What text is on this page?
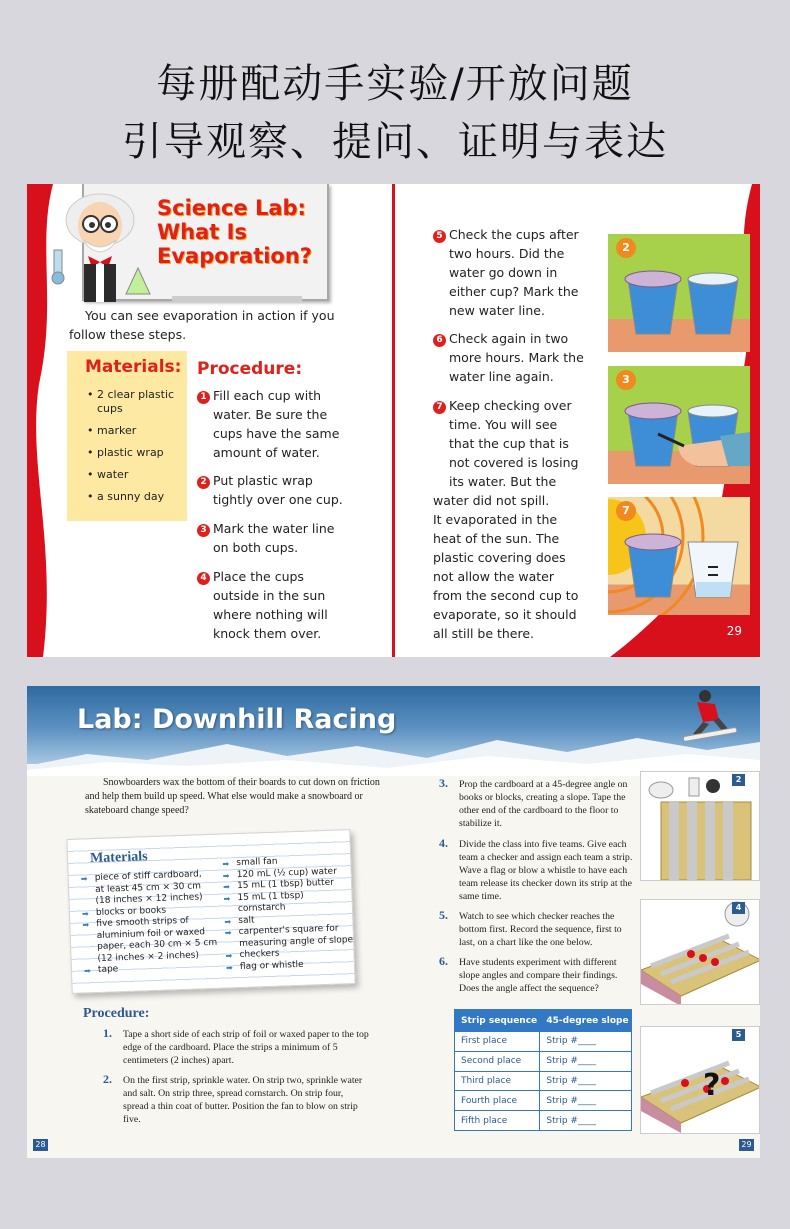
每册配动手实验/开放问题
引导观察、提问、证明与表达
Science Lab:
What Is
Evaporation?
You can see evaporation in action if you
follow these steps.
Materials:
• 2 clear plastic cups
• marker
• plastic wrap
• water
• a sunny day
Procedure:
1 Fill each cup with
water. Be sure the
cups have the same
amount of water.
2 Put plastic wrap
tightly over one cup.
3 Mark the water line
on both cups.
4 Place the cups
outside in the sun
where nothing will
knock them over.
5 Check the cups after
two hours. Did the
water go down in
either cup? Mark the
new water line.
6 Check again in two
more hours. Mark the
water line again.
7 Keep checking over
time. You will see
that the cup that is
not covered is losing
its water. But the
water did not spill.
It evaporated in the
heat of the sun. The
plastic covering does
not allow the water
from the second cup to
evaporate, so it should
all still be there.
2
3
7
28	29
Lab: Downhill Racing
Snowboarders wax the bottom of their boards to cut down on friction and help them build up speed. What else would make a snowboard or skateboard change speed?
Materials
➡ piece of stiff cardboard,
at least 45 cm × 30 cm
(18 inches × 12 inches)
➡ blocks or books
➡ five smooth strips of
aluminium foil or waxed
paper, each 30 cm × 5 cm
(12 inches × 2 inches)
➡ tape
➡ small fan
➡ 120 mL (½ cup) water
➡ 15 mL (1 tbsp) butter
➡ 15 mL (1 tbsp) cornstarch
➡ salt
➡ carpenter's square for
measuring angle of slope
➡ checkers
➡ flag or whistle
Procedure:
1. Tape a short side of each strip of foil or waxed paper to the top edge of the cardboard. Place the strips a minimum of 5 centimeters (2 inches) apart.
2. On the first strip, sprinkle water. On strip two, sprinkle water and salt. On strip three, spread cornstarch. On strip four, spread a thin coat of butter. Position the fan to blow on strip five.
3. Prop the cardboard at a 45-degree angle on books or blocks, creating a slope. Tape the other end of the cardboard to the floor to stabilize it.
4. Divide the class into five teams. Give each team a checker and assign each team a strip. Wave a flag or blow a whistle to have each team release its checker down its strip at the same time.
5. Watch to see which checker reaches the bottom first. Record the sequence, first to last, on a chart like the one below.
6. Have students experiment with different slope angles and compare their findings. Does the angle affect the sequence?
Strip sequence	45-degree slope
First place	Strip #____
Second place	Strip #____
Third place	Strip #____
Fourth place	Strip #____
Fifth place	Strip #____
2
4
?
5
28	29
